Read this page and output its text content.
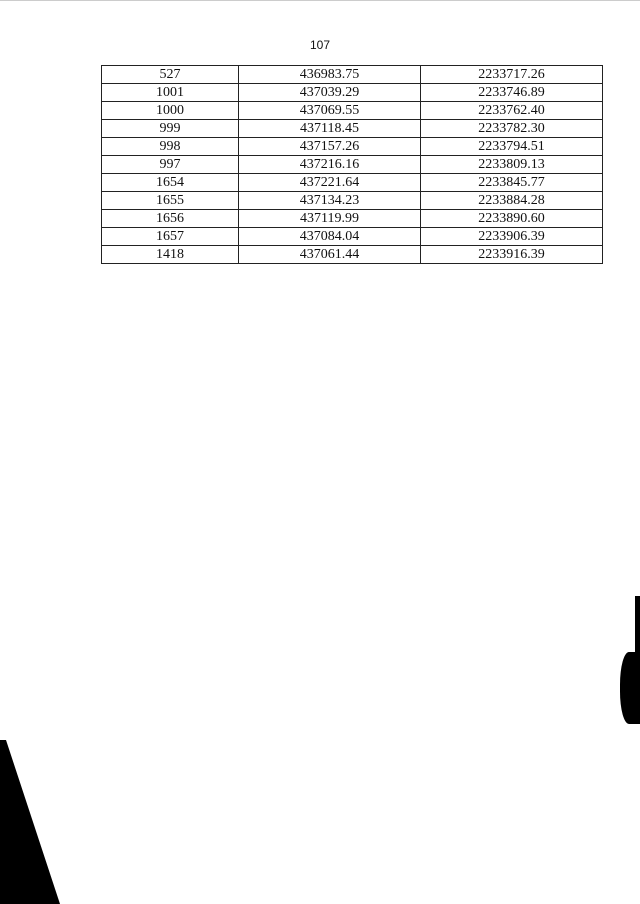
107
527	436983.75	2233717.26
1001	437039.29	2233746.89
1000	437069.55	2233762.40
999	437118.45	2233782.30
998	437157.26	2233794.51
997	437216.16	2233809.13
1654	437221.64	2233845.77
1655	437134.23	2233884.28
1656	437119.99	2233890.60
1657	437084.04	2233906.39
1418	437061.44	2233916.39
